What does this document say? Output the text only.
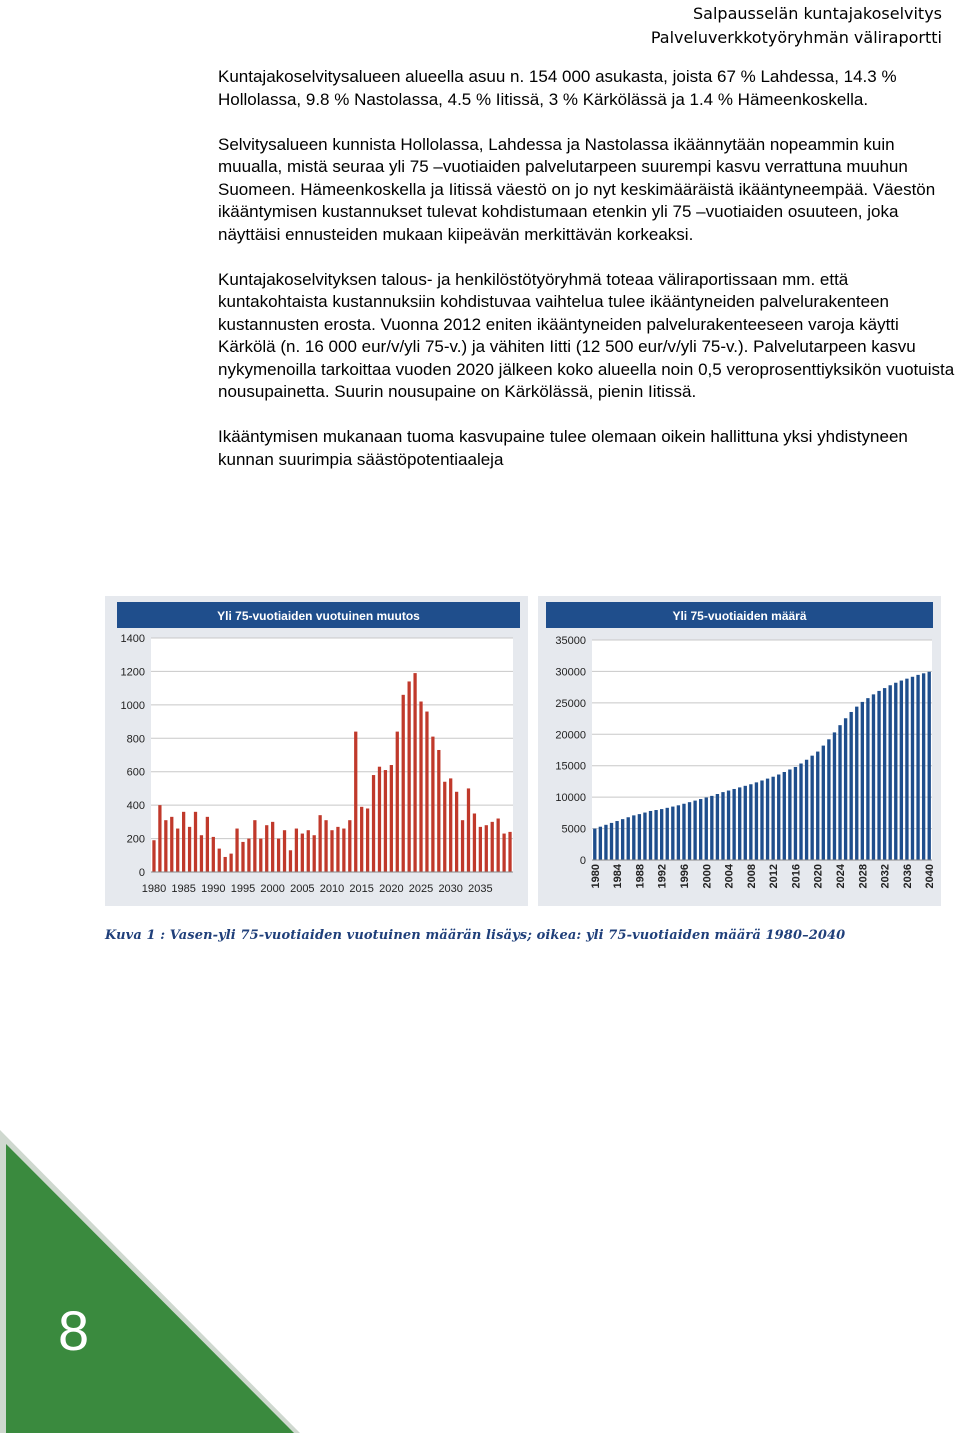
Salpausselän kuntajakoselvitys
Palveluverkkotyöryhmän väliraportti

Kuntajakoselvitysalueen alueella asuu n. 154 000 asukasta, joista 67 % Lahdessa, 14.3 % Hollolassa, 9.8 % Nastolassa, 4.5 % Iitissä, 3 % Kärkölässä ja 1.4 % Hämeenkoskella.

Selvitysalueen kunnista Hollolassa, Lahdessa ja Nastolassa ikäännytään nopeammin kuin muualla, mistä seuraa yli 75 –vuotiaiden palvelutarpeen suurempi kasvu verrattuna muuhun Suomeen. Hämeenkoskella ja Iitissä väestö on jo nyt keskimääräistä ikääntyneempää. Väestön ikääntymisen kustannukset tulevat kohdistumaan etenkin yli 75 –vuotiaiden osuuteen, joka näyttäisi ennusteiden mukaan kiipeävän merkittävän korkeaksi.

Kuntajakoselvityksen talous- ja henkilöstötyöryhmä toteaa väliraportissaan mm. että kuntakohtaista kustannuksiin kohdistuvaa vaihtelua tulee ikääntyneiden palvelurakenteen kustannusten erosta. Vuonna 2012 eniten ikääntyneiden palvelurakenteeseen varoja käytti Kärkölä (n. 16 000 eur/v/yli 75-v.) ja vähiten Iitti (12 500 eur/v/yli 75-v.). Palvelutarpeen kasvu nykymenoilla tarkoittaa vuoden 2020 jälkeen koko alueella noin 0,5 veroprosenttiyksikön vuotuista nousupainetta. Suurin nousupaine on Kärkölässä, pienin Iitissä.

Ikääntymisen mukanaan tuoma kasvupaine tulee olemaan oikein hallittuna yksi yhdistyneen kunnan suurimpia säästöpotentiaaleja

Yli 75-vuotiaiden vuotuinen muutos
0
200
400
600
800
1000
1200
1400
1980 1985 1990 1995 2000 2005 2010 2015 2020 2025 2030 2035
Yli 75-vuotiaiden määrä
0
5000
10000
15000
20000
25000
30000
35000
1980 1984 1988 1992 1996 2000 2004 2008 2012 2016 2020 2024 2028 2032 2036 2040
Kuva 1 : Vasen-yli 75-vuotiaiden vuotuinen määrän lisäys; oikea: yli 75-vuotiaiden määrä 1980–2040
8
